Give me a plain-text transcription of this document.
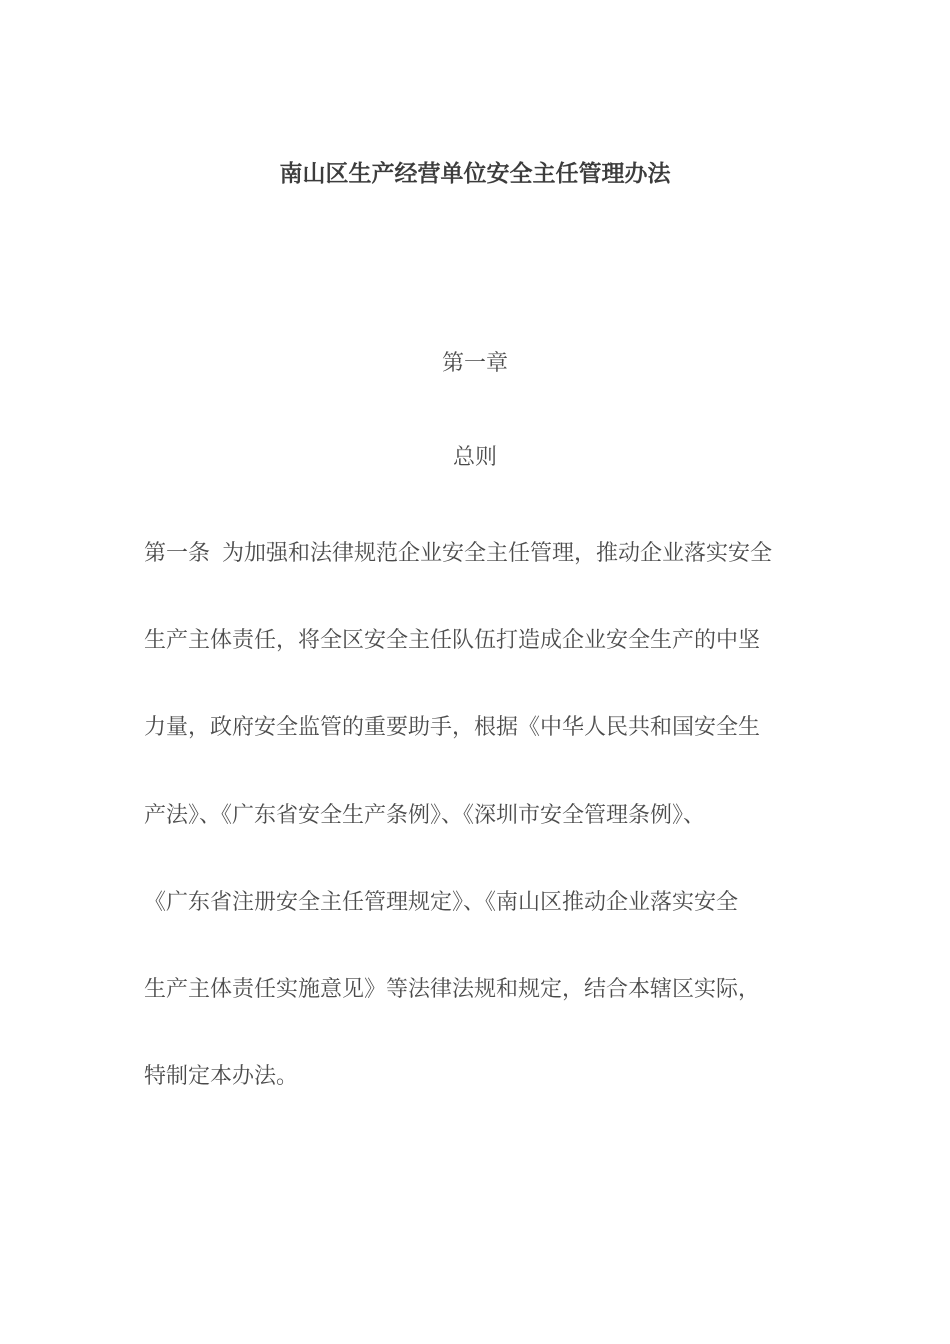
南山区生产经营单位安全主任管理办法
第一章
总则
第一条 为加强和法律规范企业安全主任管理，推动企业落实安全
生产主体责任，将全区安全主任队伍打造成企业安全生产的中坚
力量，政府安全监管的重要助手，根据《中华人民共和国安全生
产法》、《广东省安全生产条例》、《深圳市安全管理条例》、
《广东省注册安全主任管理规定》、《南山区推动企业落实安全
生产主体责任实施意见》等法律法规和规定，结合本辖区实际，
特制定本办法。
